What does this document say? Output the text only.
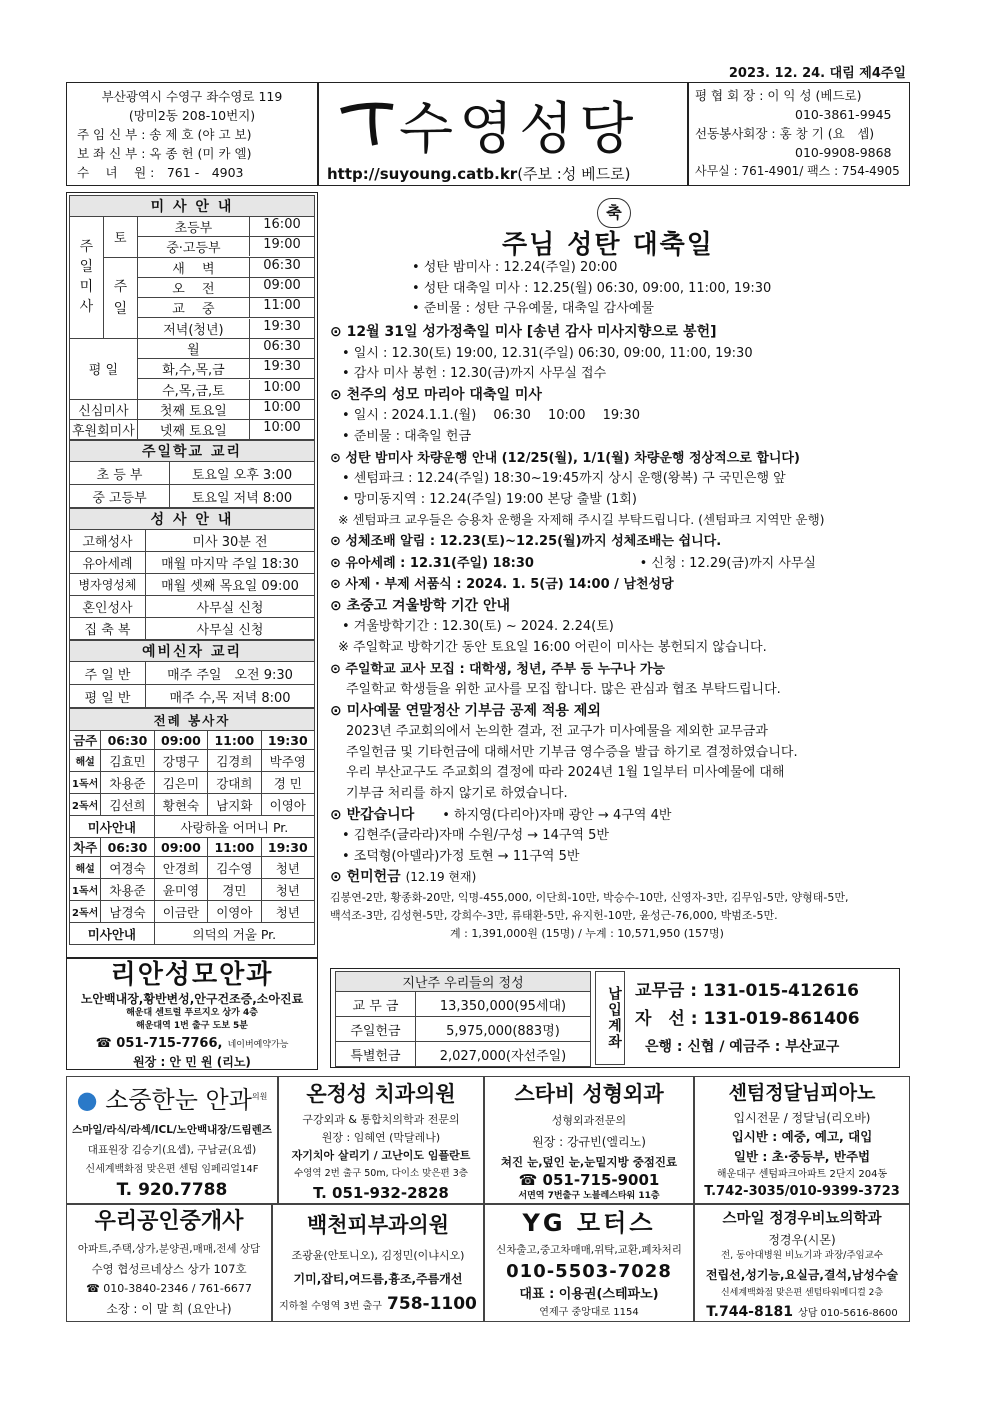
2023. 12. 24. 대림 제4주일
부산광역시 수영구 좌수영로 119
(망미2동 208-10번지)
주 임 신 부 : 송 제 호 (야 고 보)
보 좌 신 부 : 옥 종 헌 (미 카 엘)
수　 녀　 원 :　761 -　4903
수영성당
http://suyoung.catb.kr(주보 :성 베드로)
평 협 회 장 : 이 익 성 (베드로)
010-3861-9945
선동봉사회장 : 홍 창 기 (요　셉)
010-9908-9868
사무실 : 761-4901/ 팩스 : 754-4905
미 사 안 내		
주 일 미 사	토	초등부 16:00

		중·고등부 19:00

	주 일	새　 벽 06:30

		오　 전 09:00

		교　 중 11:00

		저녁(청년) 19:30

평 일		월 06:30

		화,수,목,금 19:30

		수,목,금,토 10:00

신심미사		첫째 토요일 10:00

후원회미사		넷째 토요일 10:00
주일학교 교리	
초 등 부	토요일 오후 3:00
중 고등부	토요일 저녁 8:00
성 사 안 내	
고해성사	미사 30분 전
유아세례	매월 마지막 주일 18:30
병자영성체	매월 셋째 목요일 09:00
혼인성사	사무실 신청
집 축 복	사무실 신청
예비신자 교리	
주 일 반	매주 주일　오전 9:30
평 일 반	매주 수,목 저녁 8:00
전례 봉사자				
금주	06:30	09:00	11:00	19:30
해설	김효민	강명구	김경희	박주영
1독서	차용준	김은미	강대희	경 민
2독서	김선희	황현숙	남지화	이영아
미사안내		사랑하올 어머니 Pr.		
차주	06:30	09:00	11:00	19:30
해설	여경숙	안경희	김수영	청년
1독서	차용준	윤미영	경민	청년
2독서	남경숙	이금란	이영아	청년
미사안내		의덕의 거울 Pr.		
리안성모안과
노안백내장,황반변성,안구건조증,소아진료
해운대 센트럴 푸르지오 상가 4층
해운대역 1번 출구 도보 5분
☎ 051-715-7766, 네이버예약가능
원장 : 안 민 원 (리노)
축
주님 성탄 대축일
• 성탄 밤미사 : 12.24(주일) 20:00
• 성탄 대축일 미사 : 12.25(월) 06:30, 09:00, 11:00, 19:30
• 준비물 : 성탄 구유예물, 대축일 감사예물
⊙ 12월 31일 성가정축일 미사 [송년 감사 미사지향으로 봉헌]
• 일시 : 12.30(토) 19:00, 12.31(주일) 06:30, 09:00, 11:00, 19:30
• 감사 미사 봉헌 : 12.30(금)까지 사무실 접수
⊙ 천주의 성모 마리아 대축일 미사
• 일시 : 2024.1.1.(월)　 06:30　 10:00　 19:30
• 준비물 : 대축일 헌금
⊙ 성탄 밤미사 차량운행 안내 (12/25(월), 1/1(월) 차량운행 정상적으로 합니다)
• 센텀파크 : 12.24(주일) 18:30~19:45까지 상시 운행(왕복) 구 국민은행 앞
• 망미동지역 : 12.24(주일) 19:00 본당 출발 (1회)
※ 센텀파크 교우들은 승용차 운행을 자제해 주시길 부탁드립니다. (센텀파크 지역만 운행)
⊙ 성체조배 알림 : 12.23(토)~12.25(월)까지 성체조배는 쉽니다.
⊙ 유아세례 : 12.31(주일) 18:30	• 신청 : 12.29(금)까지 사무실
⊙ 사제 · 부제 서품식 : 2024. 1. 5(금) 14:00 / 남천성당
⊙ 초중고 겨울방학 기간 안내
• 겨울방학기간 : 12.30(토) ~ 2024. 2.24(토)
※ 주일학교 방학기간 동안 토요일 16:00 어린이 미사는 봉헌되지 않습니다.
⊙ 주일학교 교사 모집 : 대학생, 청년, 주부 등 누구나 가능
주일학교 학생들을 위한 교사를 모집 합니다. 많은 관심과 협조 부탁드립니다.
⊙ 미사예물 연말정산 기부금 공제 적용 제외
2023년 주교회의에서 논의한 결과, 전 교구가 미사예물을 제외한 교무금과
주일헌금 및 기타헌금에 대해서만 기부금 영수증을 발급 하기로 결정하였습니다.
우리 부산교구도 주교회의 결정에 따라 2024년 1월 1일부터 미사예물에 대해
기부금 처리를 하지 않기로 하였습니다.
⊙ 반갑습니다　　 • 하지영(다리아)자매 광안 → 4구역 4반
• 김현주(글라라)자매 수원/구성 → 14구역 5반
• 조덕형(아델라)가정 토현 → 11구역 5반
⊙ 헌미헌금 (12.19 현재)
김봉연-2만, 황종화-20만, 익명-455,000, 이단희-10만, 박승수-10만, 신영자-3만, 김무임-5만, 양형태-5만,
백석조-3만, 김성현-5만, 강희수-3만, 류태환-5만, 유지헌-10만, 윤성근-76,000, 박범조-5만.
계 : 1,391,000원 (15명) / 누계 : 10,571,950 (157명)
지난주 우리들의 정성	
교 무 금	13,350,000(95세대)
주일헌금	5,975,000(883명)
특별헌금	2,027,000(자선주일)
납입계좌 교무금 : 131-015-412616
자　선 : 131-019-861406
은행 : 신협 / 예금주 : 부산교구
● 소중한눈 안과$^{의원}$
스마일/라식/라섹/ICL/노안백내장/드림렌즈
대표원장 김승기(요셉), 구남균(요셉)
신세계백화점 맞은편 센텀 임페리얼14F
T. 920.7788
온정성 치과의원
구강외과 & 통합치의학과 전문의
원장 : 임혜연 (막달레나)
자기치아 살리기 / 고난이도 임플란트
수영역 2번 출구 50m, 다이소 맞은편 3층
T. 051-932-2828
스타비 성형외과
성형외과전문의
원장 : 강규빈(엘리노)
쳐진 눈,덮인 눈,눈밑지방 중점진료
☎ 051-715-9001
서면역 7번출구 노블레스타워 11층
센텀정달님피아노
입시전문 / 정달님(리오바)
입시반 : 예중, 예고, 대입
일반 : 초·중등부, 반주법
해운대구 센텀파크아파트 2단지 204동
T.742-3035/010-9399-3723
우리공인중개사
아파트,주택,상가,분양권,매매,전세 상담
수영 협성르네상스 상가 107호
☎ 010-3840-2346 / 761-6677
소장 : 이 말 희 (요안나)
백천피부과의원
조광윤(안토니오), 김정민(이냐시오)
기미,잡티,여드름,흉조,주름개선
지하철 수영역 3번 출구 758-1100
YG 모터스
신차출고,중고차매매,위탁,교환,폐차처리
010-5503-7028
대표 : 이용권(스테파노)
연제구 중앙대로 1154
스마일 정경우비뇨의학과
정경우(시몬)
전, 동아대병원 비뇨기과 과장/주임교수
전립선,성기능,요실금,결석,남성수술
신세계백화점 맞은편 센텀타워메디컬 2층
T.744-8181 상담 010-5616-8600
